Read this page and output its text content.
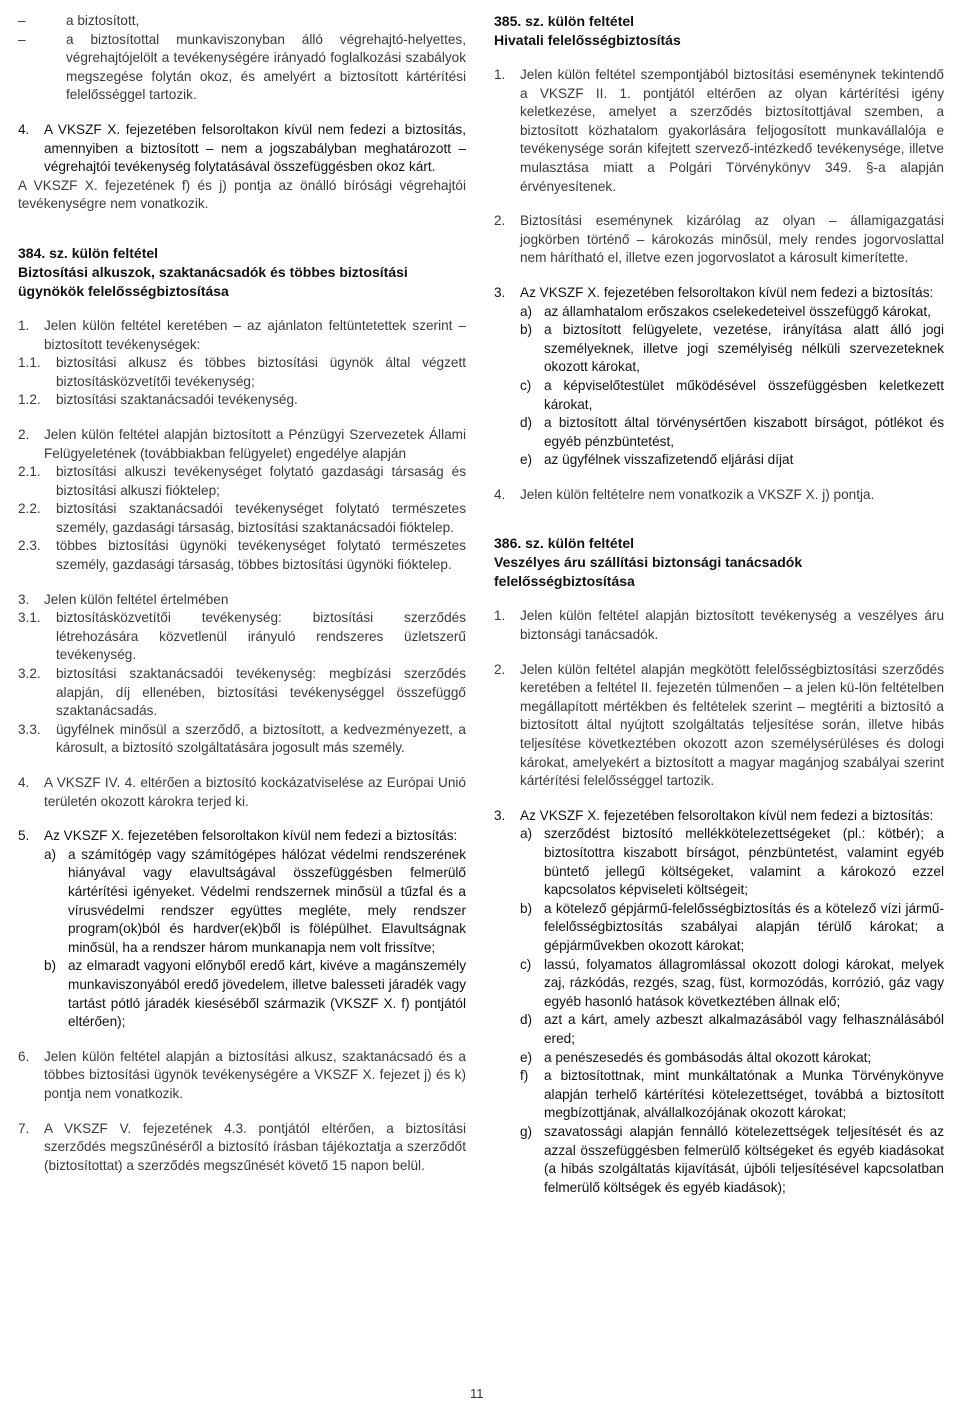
–	a biztosított,

–	a biztosítottal munkaviszonyban álló végrehajtó-helyettes, végrehajtójelölt a tevékenységére irányadó foglalkozási szabályok megszegése folytán okoz, és amelyért a biztosított kártérítési felelősséggel tartozik.

4.	A VKSZF X. fejezetében felsoroltakon kívül nem fedezi a biztosítás, amennyiben a biztosított – nem a jogszabályban meghatározott – végrehajtói tevékenység folytatásával összefüggésben okoz kárt.

A VKSZF X. fejezetének f) és j) pontja az önálló bírósági végrehajtói tevékenységre nem vonatkozik.

384. sz. külön feltétel

Biztosítási alkuszok, szaktanácsadók és többes biztosítási ügynökök felelősségbiztosítása

1.	Jelen külön feltétel keretében – az ajánlaton feltüntetettek szerint – biztosított tevékenységek:

1.1.	biztosítási alkusz és többes biztosítási ügynök által végzett biztosításközvetítői tevékenység;

1.2.	biztosítási szaktanácsadói tevékenység.

2.	Jelen külön feltétel alapján biztosított a Pénzügyi Szervezetek Állami Felügyeletének (továbbiakban felügyelet) engedélye alapján

2.1.	biztosítási alkuszi tevékenységet folytató gazdasági társaság és biztosítási alkuszi fióktelep;

2.2.	biztosítási szaktanácsadói tevékenységet folytató természetes személy, gazdasági társaság, biztosítási szaktanácsadói fióktelep.

2.3.	többes biztosítási ügynöki tevékenységet folytató természetes személy, gazdasági társaság, többes biztosítási ügynöki fióktelep.

3.	Jelen külön feltétel értelmében

3.1.	biztosításközvetítői tevékenység: biztosítási szerződés létrehozására közvetlenül irányuló rendszeres üzletszerű tevékenység.

3.2.	biztosítási szaktanácsadói tevékenység: megbízási szerződés alapján, díj ellenében, biztosítási tevékenységgel összefüggő szaktanácsadás.

3.3.	ügyfélnek minősül a szerződő, a biztosított, a kedvezményezett, a károsult, a biztosító szolgáltatására jogosult más személy.

4.	A VKSZF IV. 4. eltérően a biztosító kockázatviselése az Európai Unió területén okozott károkra terjed ki.

5.	Az VKSZF X. fejezetében felsoroltakon kívül nem fedezi a biztosítás:

a) a számítógép vagy számítógépes hálózat védelmi rendszerének hiányával vagy elavultságával összefüggésben felmerülő kártérítési igényeket. Védelmi rendszernek minősül a tűzfal és a vírusvédelmi rendszer együttes megléte, mely rendszer program(ok)ból és hardver(ek)ből is fölépülhet. Elavultságnak minősül, ha a rendszer három munkanapja nem volt frissítve;

b) az elmaradt vagyoni előnyből eredő kárt, kivéve a magánszemély munkaviszonyából eredő jövedelem, illetve balesseti járadék vagy tartást pótló járadék kieséséből származik (VKSZF X. f) pontjától eltérően);

6.	Jelen külön feltétel alapján a biztosítási alkusz, szaktanácsadó és a többes biztosítási ügynök tevékenységére a VKSZF X. fejezet j) és k) pontja nem vonatkozik.

7.	A VKSZF V. fejezetének 4.3. pontjától eltérően, a biztosítási szerződés megszűnéséről a biztosító írásban tájékoztatja a szerződőt (biztosítottat) a szerződés megszűnését követő 15 napon belül.

385. sz. külön feltétel

Hivatali felelősségbiztosítás

1.	Jelen külön feltétel szempontjából biztosítási eseménynek tekintendő a VKSZF II. 1. pontjától eltérően az olyan kártérítési igény keletkezése, amelyet a szerződés biztosítottjával szemben, a biztosított közhatalom gyakorlására feljogosított munkavállalója e tevékenysége során kifejtett szervező-intézkedő tevékenysége, illetve mulasztása miatt a Polgári Törvénykönyv 349. §-a alapján érvényesítenek.

2.	Biztosítási eseménynek kizárólag az olyan – államigazgatási jogkörben történő – károkozás minősül, mely rendes jogorvoslattal nem hárítható el, illetve ezen jogorvoslatot a károsult kimerítette.

3.	Az VKSZF X. fejezetében felsoroltakon kívül nem fedezi a biztosítás:

a) az államhatalom erőszakos cselekedeteivel összefüggő károkat,

b) a biztosított felügyelete, vezetése, irányítása alatt álló jogi személyeknek, illetve jogi személyiség nélküli szervezeteknek okozott károkat,

c) a képviselőtestület működésével összefüggésben keletkezett károkat,

d) a biztosított által törvénysértően kiszabott bírságot, pótlékot és egyéb pénzbüntetést,

e) az ügyfélnek visszafizetendő eljárási díjat

4.	Jelen külön feltételre nem vonatkozik a VKSZF X. j) pontja.

386. sz. külön feltétel

Veszélyes áru szállítási biztonsági tanácsadók felelősségbiztosítása

1.	Jelen külön feltétel alapján biztosított tevékenység a veszélyes áru biztonsági tanácsadók.

2.	Jelen külön feltétel alapján megkötött felelősségbiztosítási szerződés keretében a feltétel II. fejezetén túlmenően – a jelen kü-lön feltételben megállapított mértékben és feltételek szerint – megtériti a biztosító a biztosított által nyújtott szolgáltatás teljesítése során, illetve hibás teljesítése következtében okozott azon személysérüléses és dologi károkat, amelyekért a biztosított a magyar magánjog szabályai szerint kártérítési felelősséggel tartozik.

3.	Az VKSZF X. fejezetében felsoroltakon kívül nem fedezi a biztosítás:

a) szerződést biztosító mellékkötelezettségeket (pl.: kötbér); a biztosítottra kiszabott bírságot, pénzbüntetést, valamint egyéb büntető jellegű költségeket, valamint a károkozó ezzel kapcsolatos képviseleti költségeit;

b) a kötelező gépjármű-felelősségbiztosítás és a kötelező vízi jármű-felelősségbiztosítás szabályai alapján térülő károkat; a gépjárművekben okozott károkat;

c) lassú, folyamatos állagromlással okozott dologi károkat, melyek zaj, rázkódás, rezgés, szag, füst, kormozódás, korrózió, gáz vagy egyéb hasonló hatások következtében állnak elő;

d) azt a kárt, amely azbeszt alkalmazásából vagy felhasználásából ered;

e) a penészesedés és gombásodás által okozott károkat;

f)	a biztosítottnak, mint munkáltatónak a Munka Törvénykönyve alapján terhelő kártérítési kötelezettséget, továbbá a biztosított megbízottjának, alvállalkozójának okozott károkat;

g) szavatossági alapján fennálló kötelezettségek teljesítését és az azzal összefüggésben felmerülő költségeket és egyéb kiadásokat (a hibás szolgáltatás kijavítását, újbóli teljesítésével kapcsolatban felmerülő költségek és egyéb kiadások);

11
